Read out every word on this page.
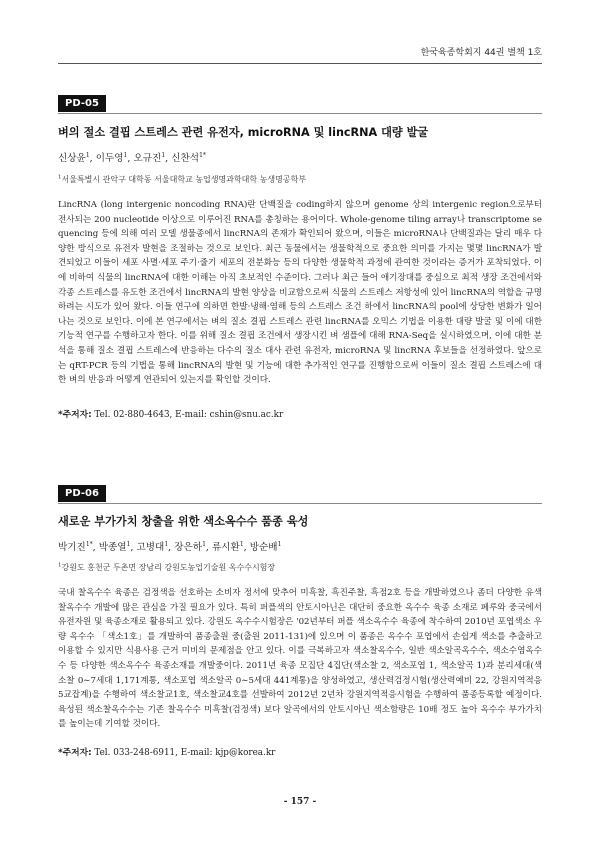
한국육종학회지 44권 별책 1호
PD-05
벼의 절소 결핍 스트레스 관련 유전자, microRNA 및 lincRNA 대량 발굴
신상윤$^1$, 이두영$^1$, 오규진$^1$, 신찬석$^{1*}$
$^1$서울특별시 관악구 대학동 서울대학교 농업생명과학대학 농생명공학부
LincRNA (long intergenic noncoding RNA)란 단백질을 coding하지 않으며 genome 상의 intergenic region으로부터 전사되는 200 nucleotide 이상으로 이루어진 RNA를 총칭하는 용어이다. Whole-genome tiling array나 transcriptome sequencing 등에 의해 여러 모델 생물종에서 lincRNA의 존재가 확인되어 왔으며, 이들은 microRNA나 단백질과는 달리 매우 다양한 방식으로 유전자 발현을 조절하는 것으로 보인다. 최근 동물에서는 생물학적으로 중요한 의미를 가지는 몇몇 lincRNA가 발견되었고 이들이 세포 사멸·세포 주기·줄기 세포의 전분화능 등의 다양한 생물학적 과정에 관여한 것이라는 증거가 포착되었다. 이에 비하여 식물의 lincRNA에 대한 이해는 아직 초보적인 수준이다. 그러나 최근 들어 애기장대를 중심으로 최적 생장 조건에서와 각종 스트레스를 유도한 조건에서 lincRNA의 발현 양상을 비교함으로써 식물의 스트레스 저항성에 있어 lincRNA의 역할을 규명하려는 시도가 있어 왔다. 이들 연구에 의하면 한발·냉해·염해 등의 스트레스 조건 하에서 lincRNA의 pool에 상당한 변화가 일어나는 것으로 보인다. 이에 본 연구에서는 벼의 질소 결핍 스트레스 관련 lincRNA를 오믹스 기법을 이용한 대량 발굴 및 이에 대한 기능적 연구를 수행하고자 한다. 이를 위해 질소 결핍 조건에서 생장시킨 벼 샘플에 대해 RNA-Seq을 실시하였으며, 이에 대한 분석을 통해 질소 결핍 스트레스에 반응하는 다수의 질소 대사 관련 유전자, microRNA 및 lincRNA 후보들을 선정하였다. 앞으로는 qRT-PCR 등의 기법을 통해 lincRNA의 발현 및 기능에 대한 추가적인 연구를 진행함으로써 이들이 질소 결핍 스트레스에 대한 벼의 반응과 어떻게 연관되어 있는지를 확인할 것이다.
*주저자: Tel. 02-880-4643, E-mail: cshin@snu.ac.kr
PD-06
새로운 부가가치 창출을 위한 색소옥수수 품종 육성
박기진$^{1*}$, 박종열$^1$, 고병대$^1$, 장은하$^1$, 류시환$^1$, 방순배$^1$
$^1$강원도 홍천군 두촌면 장남리 강원도농업기술원 옥수수시험장
국내 찰옥수수 육종은 검정색을 선호하는 소비자 정서에 맞추어 미흑찰, 흑진주찰, 흑점2호 등을 개발하였으나 좀더 다양한 유색 찰옥수수 개발에 많은 관심을 가질 필요가 있다. 특히 퍼플색의 안토시아닌은 대단히 중요한 옥수수 육종 소재로 페루와 중국에서 유전자원 및 육종소재로 활용되고 있다. 강원도 옥수수시험장은 '02년부터 퍼플 색소옥수수 육종에 착수하여 2010년 포엽색소 우량 옥수수 「색소1호」를 개발하여 품종출원 중(출원 2011-131)에 있으며 이 품종은 옥수수 포엽에서 손쉽게 색소를 추출하고 이용할 수 있지만 식용사용 근거 미비의 문제점을 안고 있다. 이를 극복하고자 색소찰옥수수, 일반 색소알곡옥수수, 색소수염옥수수 등 다양한 색소옥수수 육종소재를 개발중이다. 2011년 육종 모집단 4집단(색소찰 2, 색소포엽 1, 색소알곡 1)과 분리세대(색소찰 0∼7세대 1,171계통, 색소포엽 색소알곡 0∼5세대 441계통)을 양성하였고, 생산력검정시험(생산력예비 22, 강원지역적응 5교잡계)을 수행하여 색소찰교1호, 색소찰교4호를 선발하여 2012년 2년차 강원지역적응시험을 수행하여 품종등록할 예정이다. 육성된 색소찰옥수수는 기존 찰옥수수 미흑찰(검정색) 보다 알곡에서의 안토시아닌 색소함량은 10배 정도 높아 옥수수 부가가치를 높이는데 기여할 것이다.
*주저자: Tel. 033-248-6911, E-mail: kjp@korea.kr
- 157 -
